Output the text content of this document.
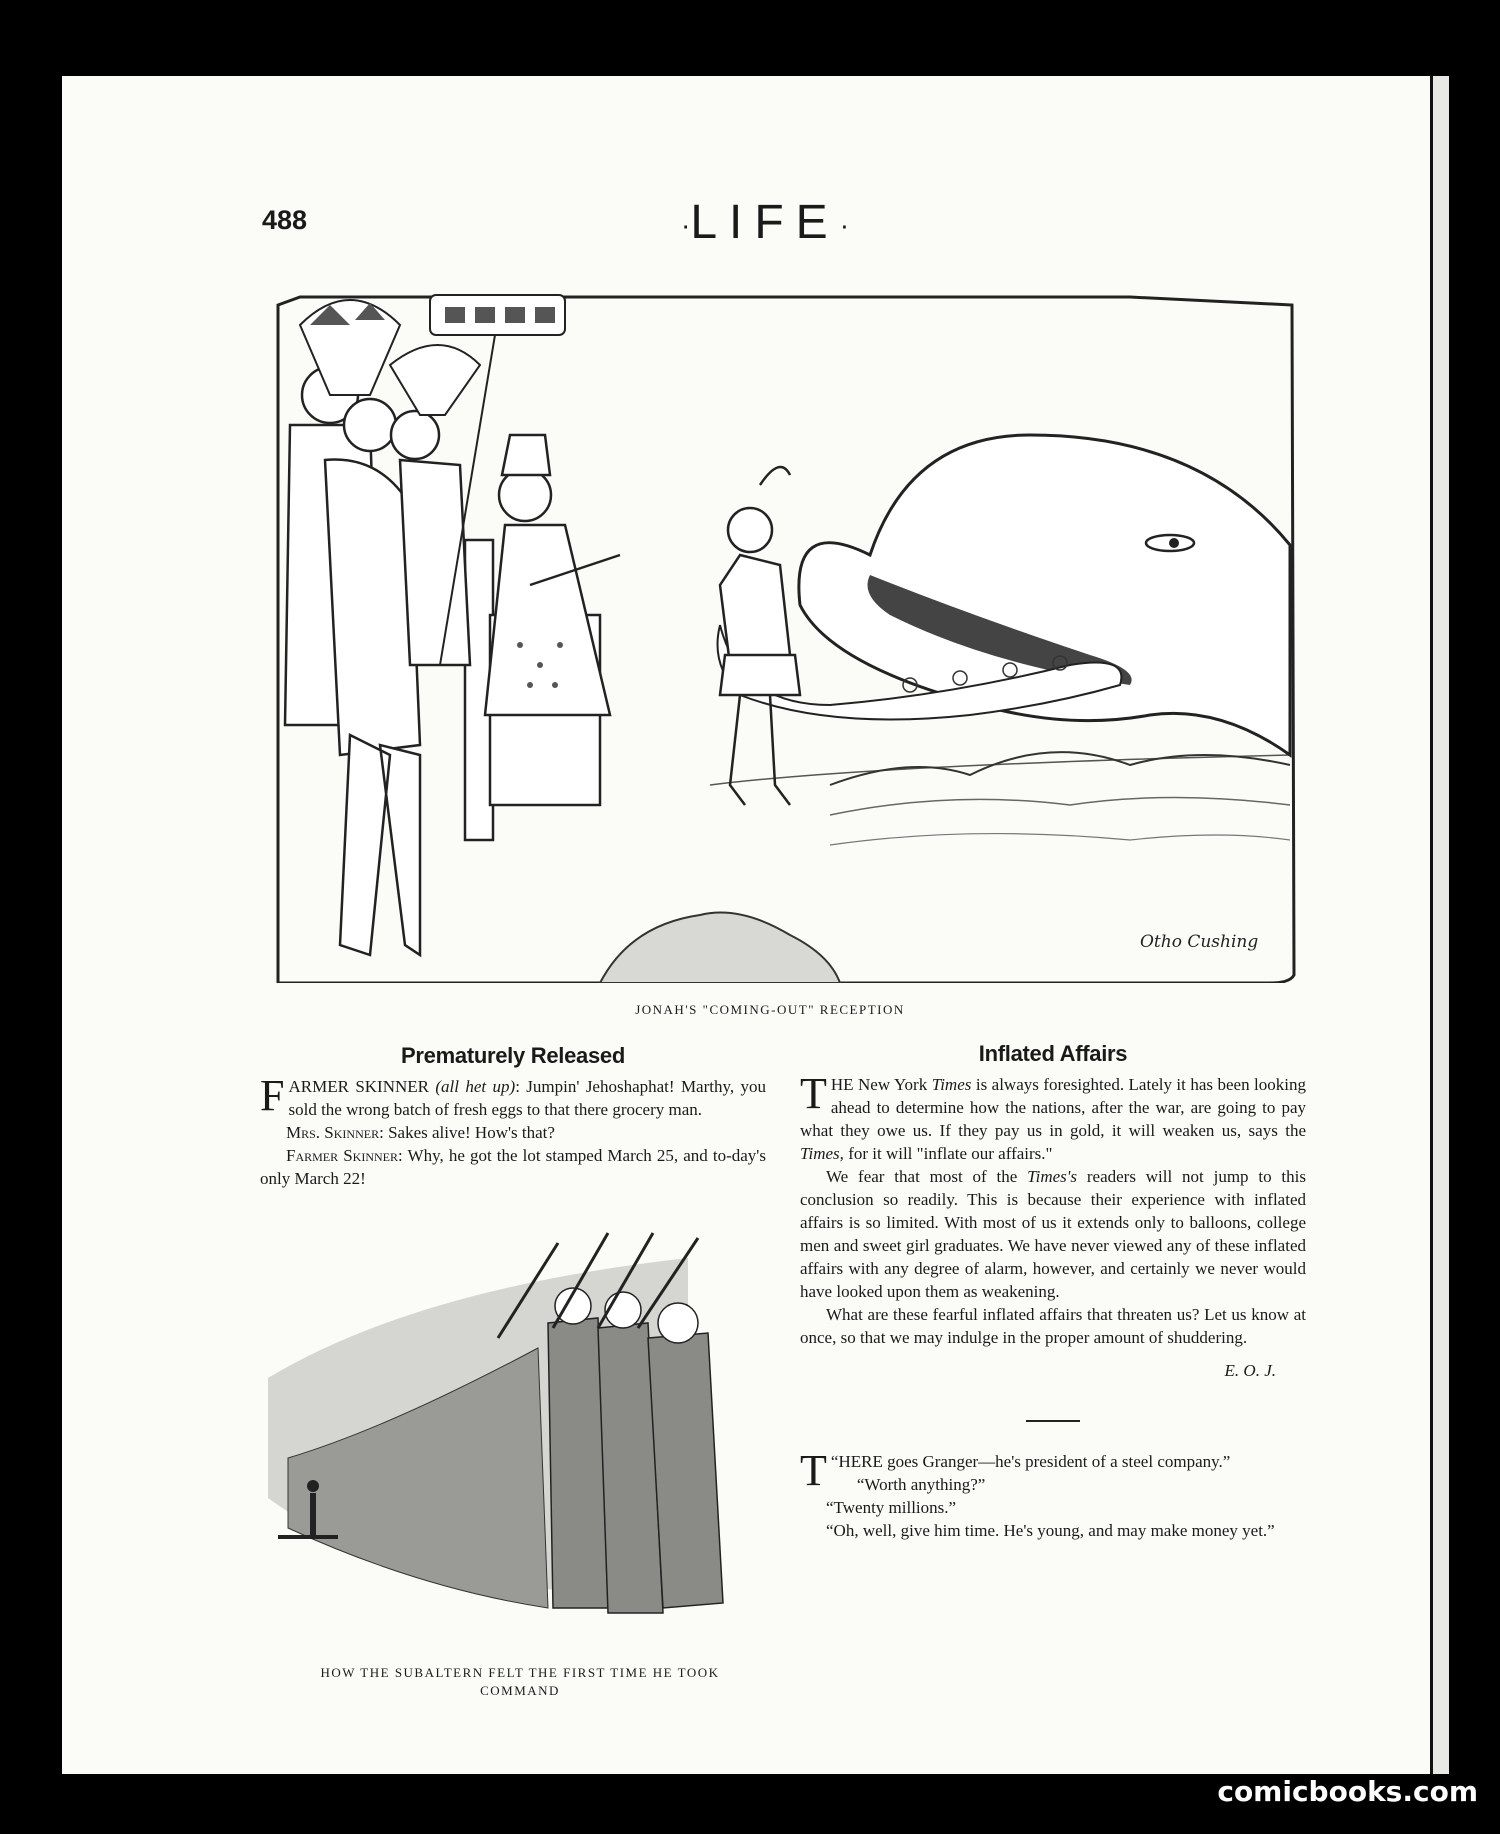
488	·LIFE·
Otho Cushing
JONAH'S "COMING-OUT" RECEPTION
Prematurely Released

FARMER SKINNER (all het up): Jumpin' Jehoshaphat! Marthy, you sold the wrong batch of fresh eggs to that there grocery man.

Mrs. Skinner: Sakes alive! How's that?

Farmer Skinner: Why, he got the lot stamped March 25, and to-day's only March 22!

HOW THE SUBALTERN FELT THE FIRST TIME HE TOOK COMMAND
Inflated Affairs

THE New York Times is always foresighted. Lately it has been looking ahead to determine how the nations, after the war, are going to pay what they owe us. If they pay us in gold, it will weaken us, says the Times, for it will "inflate our affairs."

We fear that most of the Times's readers will not jump to this conclusion so readily. This is because their experience with inflated affairs is so limited. With most of us it extends only to balloons, college men and sweet girl graduates. We have never viewed any of these inflated affairs with any degree of alarm, however, and certainly we never would have looked upon them as weakening.

What are these fearful inflated affairs that threaten us? Let us know at once, so that we may indulge in the proper amount of shuddering.

E. O. J.

“
T HERE goes Granger—he's president of a steel company.”

“Worth anything?”

“Twenty millions.”

“Oh, well, give him time. He's young, and may make money yet.”

comicbooks.com
